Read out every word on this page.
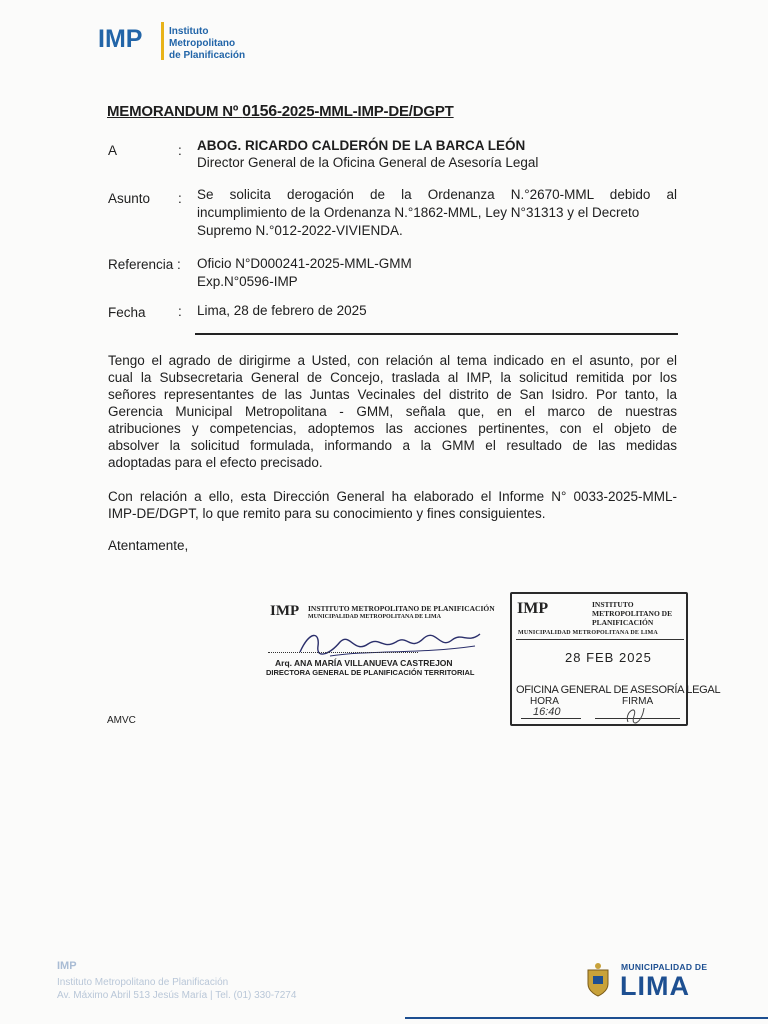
IMP	Instituto
Metropolitano
de Planificación
MEMORANDUM Nº 0156-2025-MML-IMP-DE/DGPT
A	: ABOG. RICARDO CALDERÓN DE LA BARCA LEÓN
Director General de la Oficina General de Asesoría Legal
Asunto : Se solicita derogación de la Ordenanza N.°2670-MML debido al
incumplimiento de la Ordenanza N.°1862-MML, Ley N°31313 y el Decreto
Supremo N.°012-2022-VIVIENDA.
Referencia : Oficio N°D000241-2025-MML-GMM
Exp.N°0596-IMP
Fecha : Lima, 28 de febrero de 2025
Tengo el agrado de dirigirme a Usted, con relación al tema indicado en el asunto, por el
cual la Subsecretaria General de Concejo, traslada al IMP, la solicitud remitida por los
señores representantes de las Juntas Vecinales del distrito de San Isidro. Por tanto, la
Gerencia Municipal Metropolitana - GMM, señala que, en el marco de nuestras
atribuciones y competencias, adoptemos las acciones pertinentes, con el objeto de
absolver la solicitud formulada, informando a la GMM el resultado de las medidas
adoptadas para el efecto precisado.
Con relación a ello, esta Dirección General ha elaborado el Informe N° 0033-2025-MML-
IMP-DE/DGPT, lo que remito para su conocimiento y fines consiguientes.
Atentamente,
IMP INSTITUTO METROPOLITANO DE PLANIFICACIÓN
MUNICIPALIDAD METROPOLITANA DE LIMA
Arq. ANA MARÍA VILLANUEVA CASTREJON
DIRECTORA GENERAL DE PLANIFICACIÓN TERRITORIAL
IMP	INSTITUTO
METROPOLITANO DE
PLANIFICACIÓN
MUNICIPALIDAD METROPOLITANA DE LIMA
28 FEB 2025
OFICINA GENERAL DE ASESORÍA LEGAL
HORA	FIRMA
16:40
AMVC
IMP
Instituto Metropolitano de Planificación
Av. Máximo Abril 513 Jesús María | Tel. (01) 330-7274
MUNICIPALIDAD DE
LIMA
